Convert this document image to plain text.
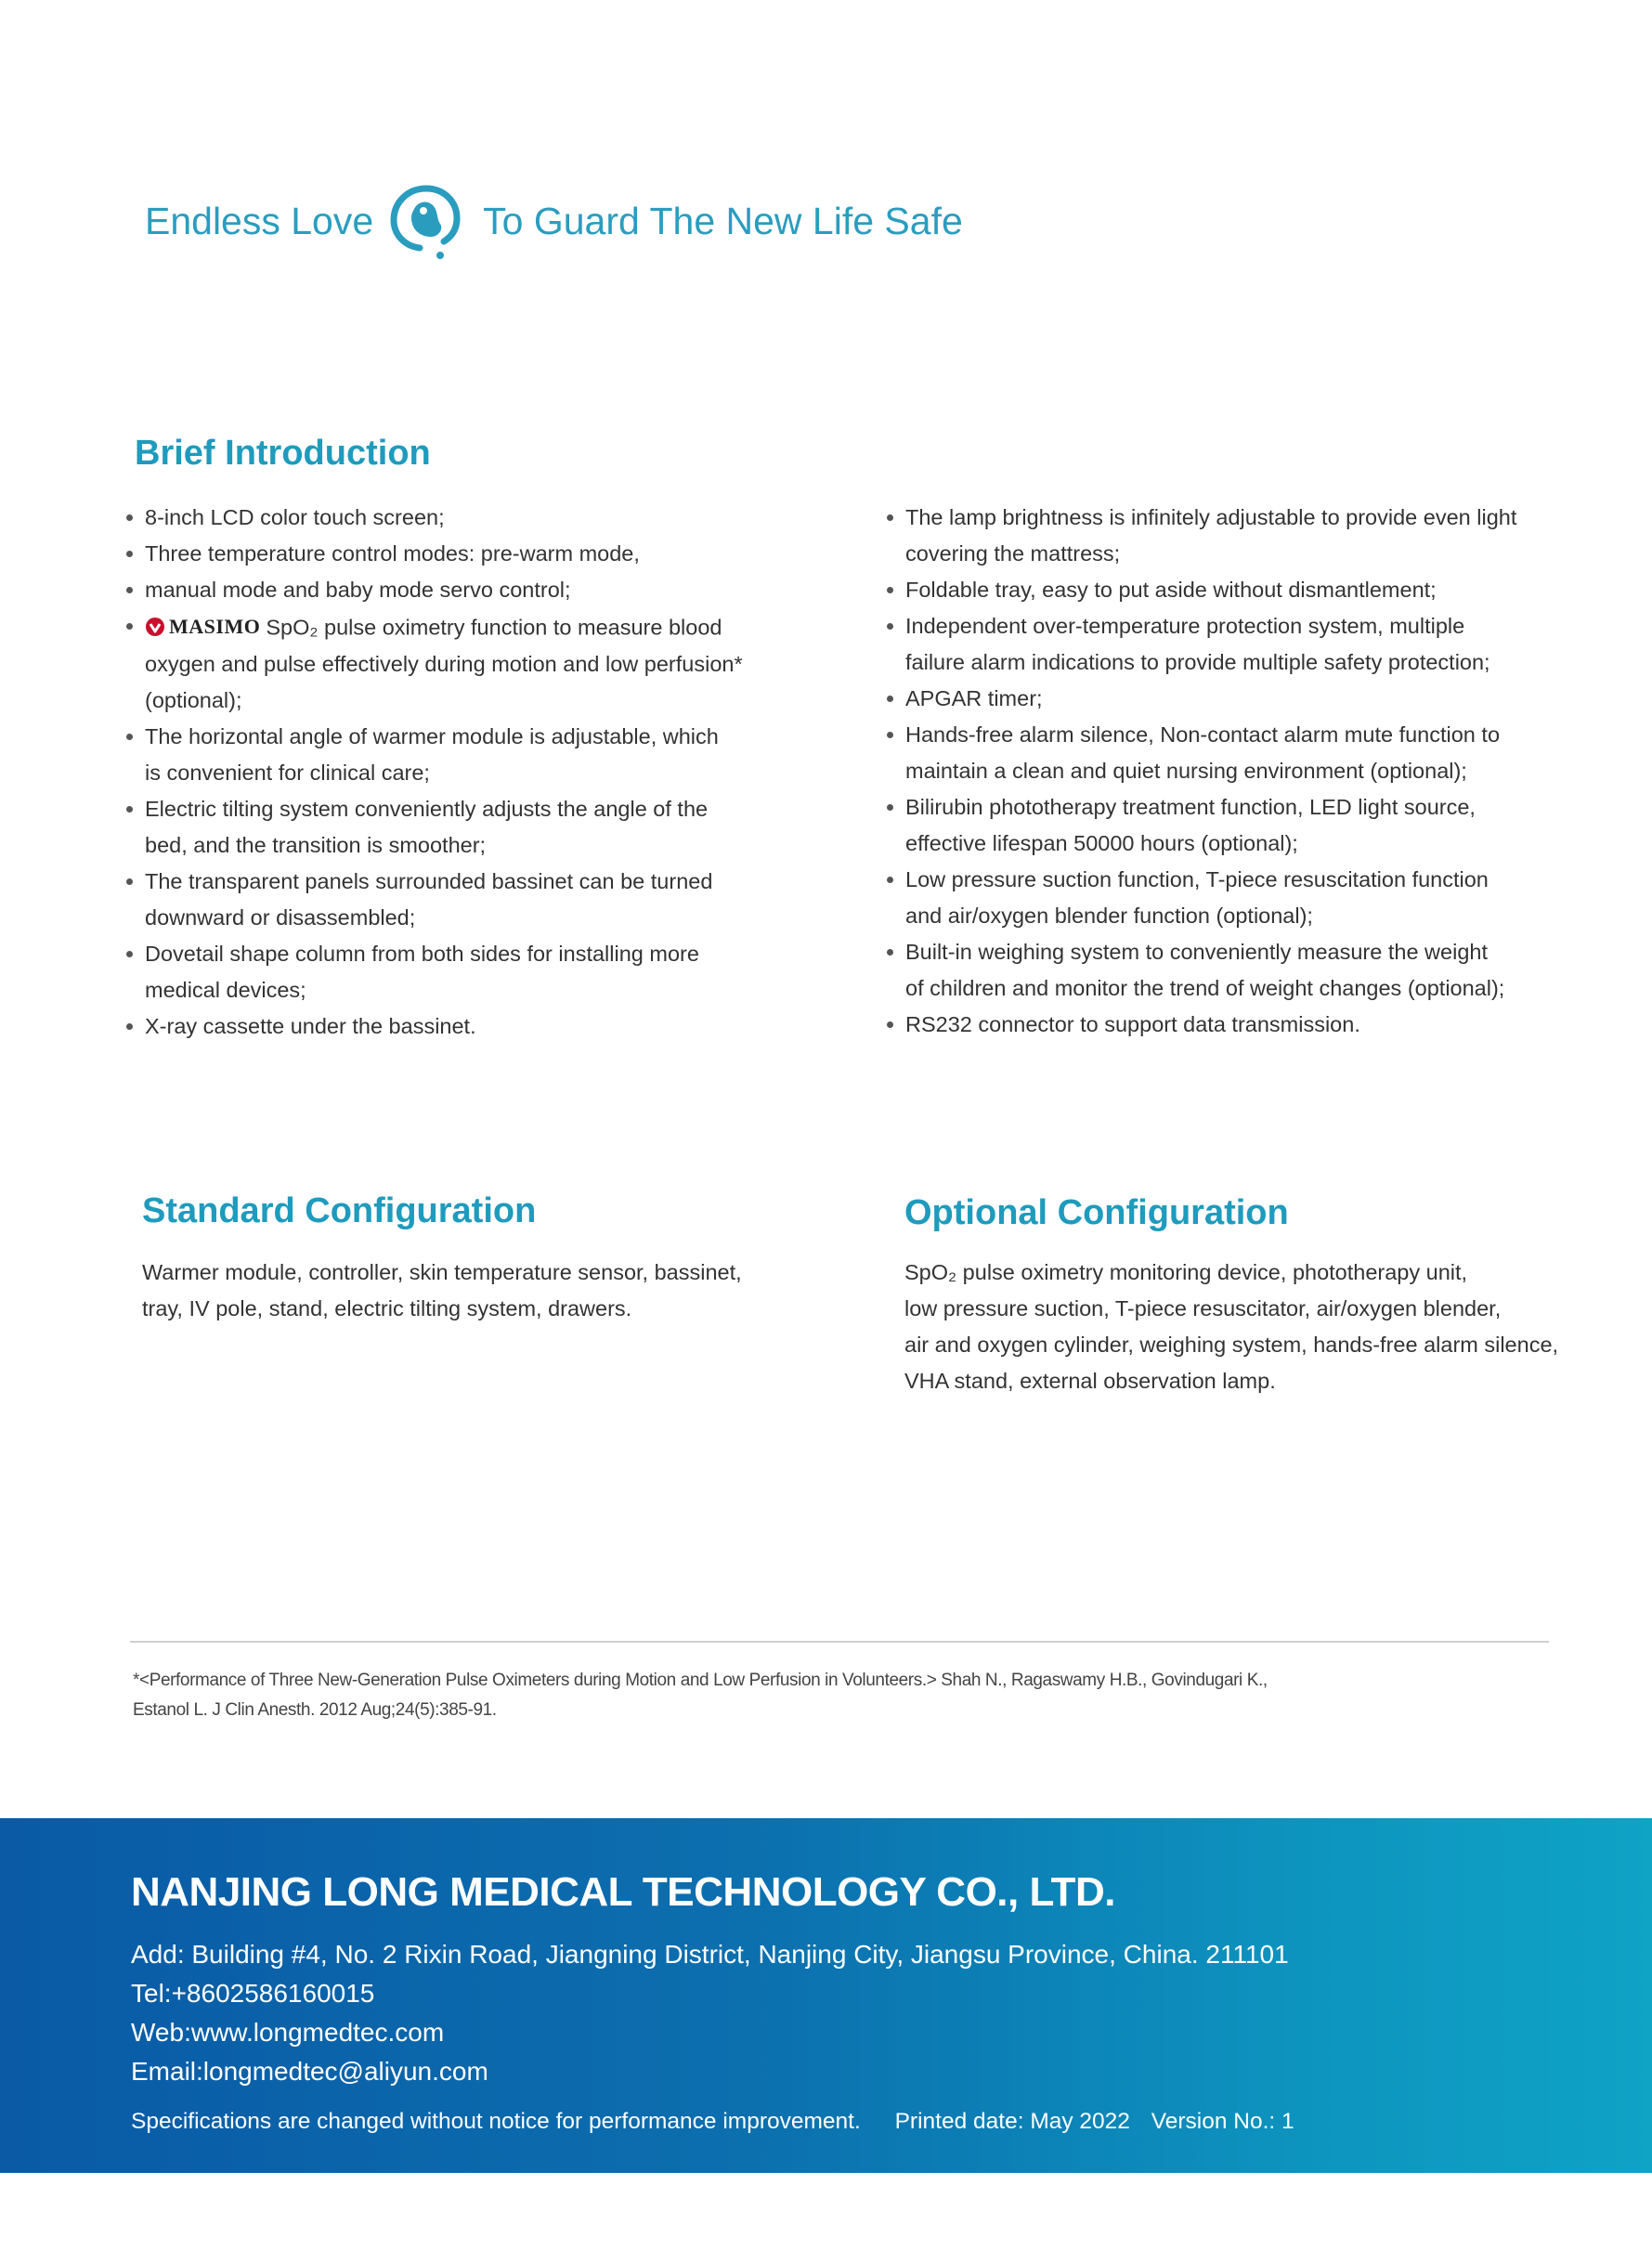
Endless Love	To Guard The New Life Safe
Brief Introduction
8-inch LCD color touch screen;
Three temperature control modes: pre-warm mode,
manual mode and baby mode servo control;
MASIMO SpO₂ pulse oximetry function to measure blood
oxygen and pulse effectively during motion and low perfusion*
(optional);
The horizontal angle of warmer module is adjustable, which
is convenient for clinical care;
Electric tilting system conveniently adjusts the angle of the
bed, and the transition is smoother;
The transparent panels surrounded bassinet can be turned
downward or disassembled;
Dovetail shape column from both sides for installing more
medical devices;
X-ray cassette under the bassinet.
The lamp brightness is infinitely adjustable to provide even light
covering the mattress;
Foldable tray, easy to put aside without dismantlement;
Independent over-temperature protection system, multiple
failure alarm indications to provide multiple safety protection;
APGAR timer;
Hands-free alarm silence, Non-contact alarm mute function to
maintain a clean and quiet nursing environment (optional);
Bilirubin phototherapy treatment function, LED light source,
effective lifespan 50000 hours (optional);
Low pressure suction function, T-piece resuscitation function
and air/oxygen blender function (optional);
Built-in weighing system to conveniently measure the weight
of children and monitor the trend of weight changes (optional);
RS232 connector to support data transmission.
Standard Configuration

Warmer module, controller, skin temperature sensor, bassinet,
tray, IV pole, stand, electric tilting system, drawers.

Optional Configuration

SpO₂ pulse oximetry monitoring device, phototherapy unit,
low pressure suction, T-piece resuscitator, air/oxygen blender,
air and oxygen cylinder, weighing system, hands-free alarm silence,
VHA stand, external observation lamp.

*<Performance of Three New-Generation Pulse Oximeters during Motion and Low Perfusion in Volunteers.> Shah N., Ragaswamy H.B., Govindugari K.,
Estanol L. J Clin Anesth. 2012 Aug;24(5):385-91.
NANJING LONG MEDICAL TECHNOLOGY CO., LTD.
Add: Building #4, No. 2 Rixin Road, Jiangning District, Nanjing City, Jiangsu Province, China. 211101
Tel:+8602586160015
Web:www.longmedtec.com
Email:longmedtec@aliyun.com
Specifications are changed without notice for performance improvement. Printed date: May 2022 Version No.: 1
